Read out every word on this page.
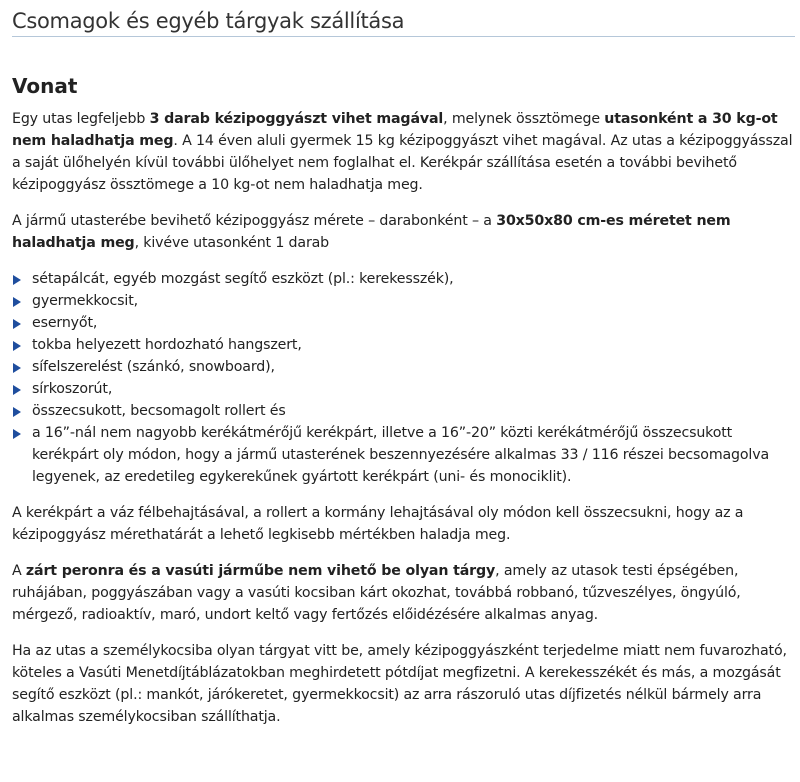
Csomagok és egyéb tárgyak szállítása
Vonat

Egy utas legfeljebb 3 darab kézipoggyászt vihet magával, melynek össztömege utasonként a 30 kg-ot nem haladhatja meg. A 14 éven aluli gyermek 15 kg kézipoggyászt vihet magával. Az utas a kézipoggyásszal a saját ülőhelyén kívül további ülőhelyet nem foglalhat el. Kerékpár szállítása esetén a további bevihető kézipoggyász össztömege a 10 kg-ot nem haladhatja meg.

A jármű utasterébe bevihető kézipoggyász mérete – darabonként – a 30x50x80 cm-es méretet nem haladhatja meg, kivéve utasonként 1 darab

sétapálcát, egyéb mozgást segítő eszközt (pl.: kerekesszék),
gyermekkocsit,
esernyőt,
tokba helyezett hordozható hangszert,
sífelszerelést (szánkó, snowboard),
sírkoszorút,
összecsukott, becsomagolt rollert és
a 16”-nál nem nagyobb kerékátmérőjű kerékpárt, illetve a 16”-20” közti kerékátmérőjű összecsukott kerékpárt oly módon, hogy a jármű utasterének beszennyezésére alkalmas 33 / 116 részei becsomagolva legyenek, az eredetileg egykerekűnek gyártott kerékpárt (uni- és monociklit).

A kerékpárt a váz félbehajtásával, a rollert a kormány lehajtásával oly módon kell összecsukni, hogy az a kézipoggyász mérethatárát a lehető legkisebb mértékben haladja meg.

A zárt peronra és a vasúti járműbe nem vihető be olyan tárgy, amely az utasok testi épségében, ruhájában, poggyászában vagy a vasúti kocsiban kárt okozhat, továbbá robbanó, tűzveszélyes, öngyúló, mérgező, radioaktív, maró, undort keltő vagy fertőzés előidézésére alkalmas anyag.

Ha az utas a személykocsiba olyan tárgyat vitt be, amely kézipoggyászként terjedelme miatt nem fuvarozható, köteles a Vasúti Menetdíjtáblázatokban meghirdetett pótdíjat megfizetni. A kerekesszékét és más, a mozgását segítő eszközt (pl.: mankót, járókeretet, gyermekkocsit) az arra rászoruló utas díjfizetés nélkül bármely arra alkalmas személykocsiban szállíthatja.
